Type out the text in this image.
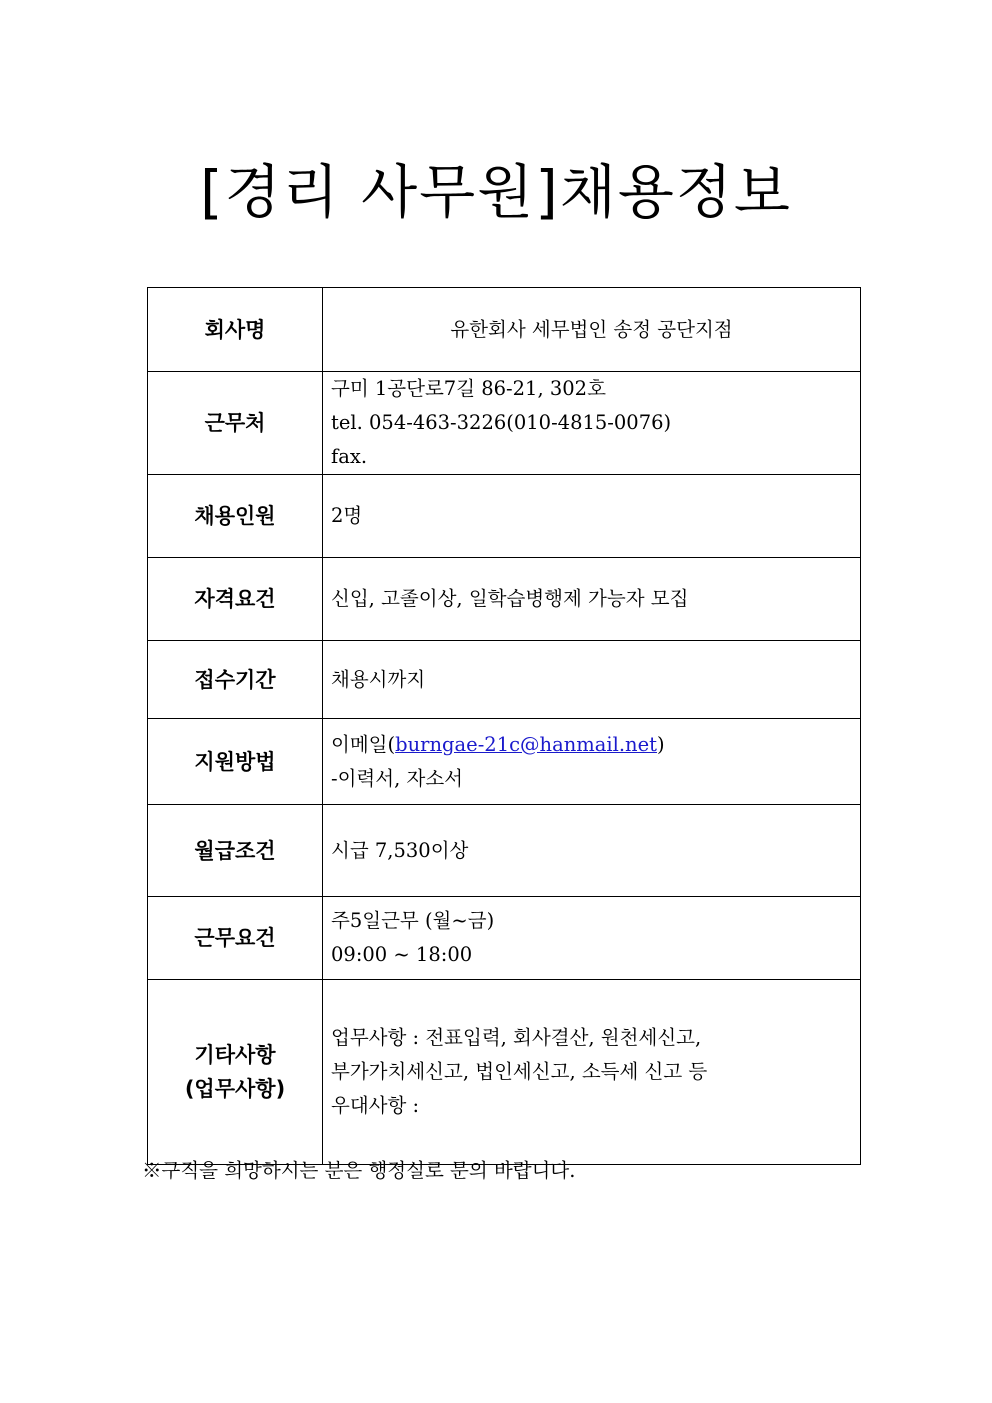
[경리 사무원]채용정보
회사명	유한회사 세무법인 송정 공단지점
근무처	구미 1공단로7길 86-21, 302호
tel. 054-463-3226(010-4815-0076)
fax.

채용인원	2명
자격요건	신입, 고졸이상, 일학습병행제 가능자 모집
접수기간	채용시까지
지원방법	이메일(burngae-21c@hanmail.net)
-이력서, 자소서

월급조건	시급 7,530이상
근무요건	주5일근무 (월~금)
09:00 ~ 18:00

기타사항
(업무사항)	업무사항 : 전표입력, 회사결산, 원천세신고,
부가가치세신고, 법인세신고, 소득세 신고 등
우대사항 :
※구직을 희망하시는 분은 행정실로 문의 바랍니다.
